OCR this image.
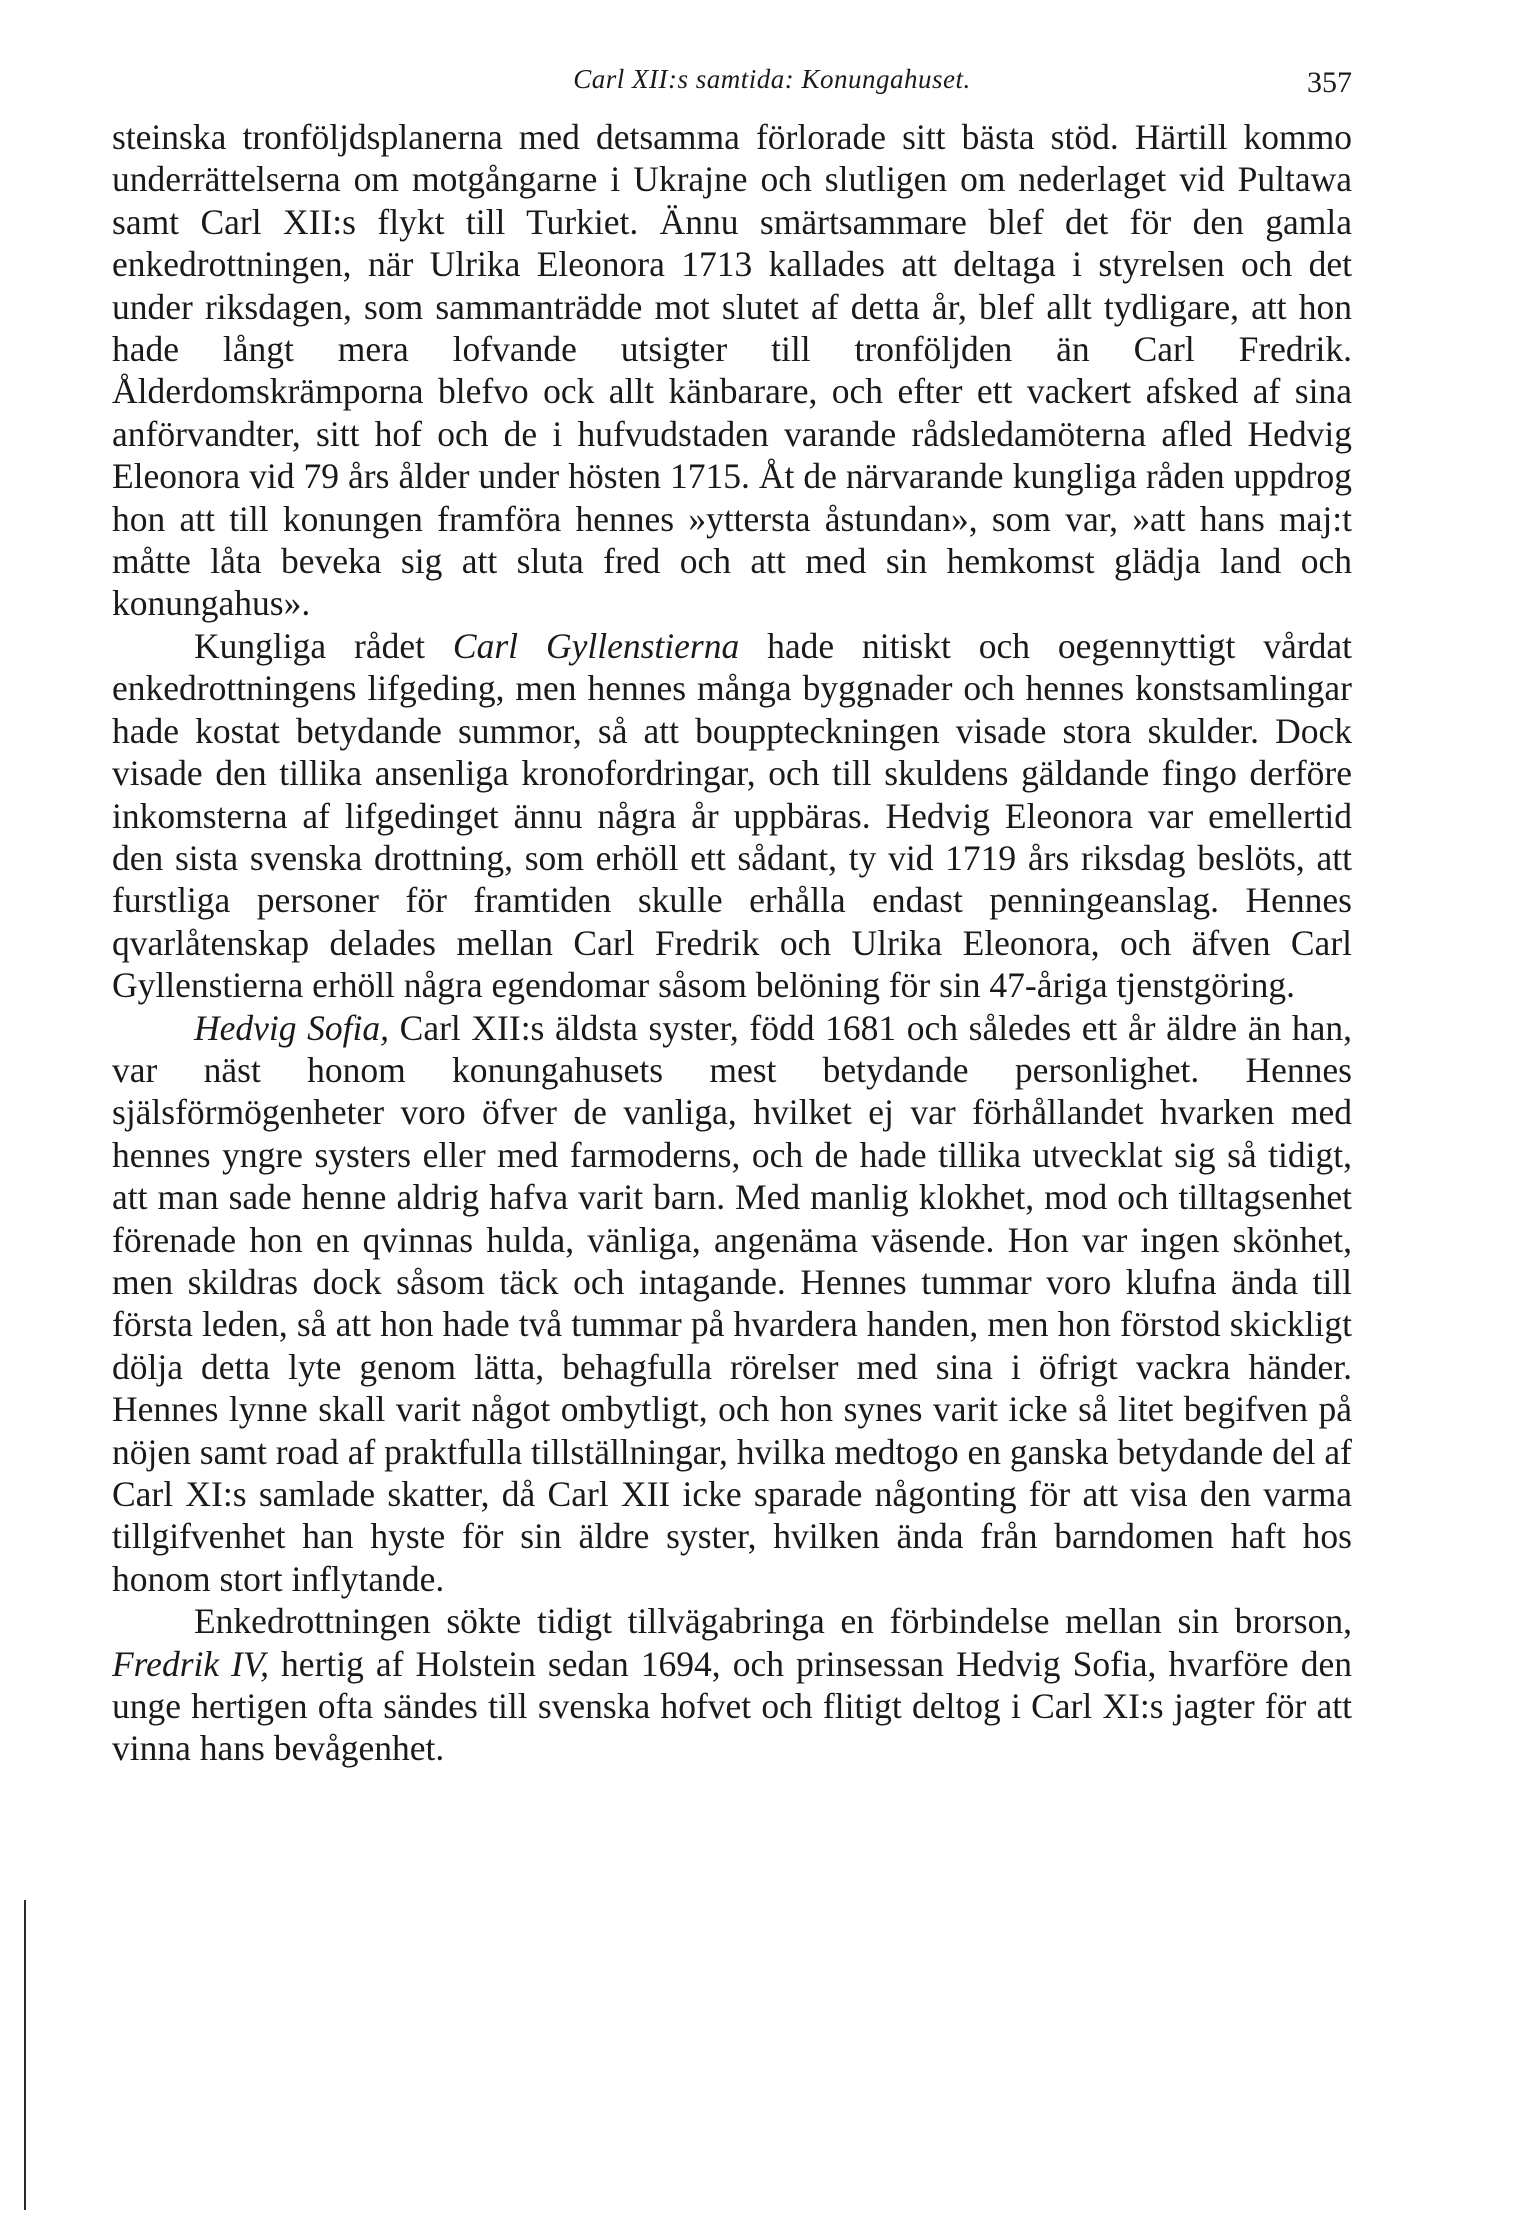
Carl XII:s samtida: Konungahuset.	357

steinska tronföljdsplanerna med detsamma förlorade sitt bästa stöd. Härtill kommo underrättelserna om motgångarne i Ukrajne och slutligen om nederlaget vid Pultawa samt Carl XII:s flykt till Turkiet. Ännu smärtsammare blef det för den gamla enkedrottningen, när Ulrika Eleonora 1713 kallades att deltaga i styrelsen och det under riksdagen, som sammanträdde mot slutet af detta år, blef allt tydligare, att hon hade långt mera lofvande utsigter till tronföljden än Carl Fredrik. Ålderdomskrämporna blefvo ock allt känbarare, och efter ett vackert afsked af sina anförvandter, sitt hof och de i hufvudstaden varande rådsledamöterna afled Hedvig Eleonora vid 79 års ålder under hösten 1715. Åt de närvarande kungliga råden uppdrog hon att till konungen framföra hennes »yttersta åstundan», som var, »att hans maj:t måtte låta beveka sig att sluta fred och att med sin hemkomst glädja land och konungahus».

Kungliga rådet Carl Gyllenstierna hade nitiskt och oegennyttigt vårdat enkedrottningens lifgeding, men hennes många byggnader och hennes konstsamlingar hade kostat betydande summor, så att bouppteckningen visade stora skulder. Dock visade den tillika ansenliga kronofordringar, och till skuldens gäldande fingo derföre inkomsterna af lifgedinget ännu några år uppbäras. Hedvig Eleonora var emellertid den sista svenska drottning, som erhöll ett sådant, ty vid 1719 års riksdag beslöts, att furstliga personer för framtiden skulle erhålla endast penningeanslag. Hennes qvarlåtenskap delades mellan Carl Fredrik och Ulrika Eleonora, och äfven Carl Gyllenstierna erhöll några egendomar såsom belöning för sin 47-åriga tjenstgöring.

Hedvig Sofia, Carl XII:s äldsta syster, född 1681 och således ett år äldre än han, var näst honom konungahusets mest betydande personlighet. Hennes själsförmögenheter voro öfver de vanliga, hvilket ej var förhållandet hvarken med hennes yngre systers eller med farmoderns, och de hade tillika utvecklat sig så tidigt, att man sade henne aldrig hafva varit barn. Med manlig klokhet, mod och tilltagsenhet förenade hon en qvinnas hulda, vänliga, angenäma väsende. Hon var ingen skönhet, men skildras dock såsom täck och intagande. Hennes tummar voro klufna ända till första leden, så att hon hade två tummar på hvardera handen, men hon förstod skickligt dölja detta lyte genom lätta, behagfulla rörelser med sina i öfrigt vackra händer. Hennes lynne skall varit något ombytligt, och hon synes varit icke så litet begifven på nöjen samt road af praktfulla tillställningar, hvilka medtogo en ganska betydande del af Carl XI:s samlade skatter, då Carl XII icke sparade någonting för att visa den varma tillgifvenhet han hyste för sin äldre syster, hvilken ända från barndomen haft hos honom stort inflytande.

Enkedrottningen sökte tidigt tillvägabringa en förbindelse mellan sin brorson, Fredrik IV, hertig af Holstein sedan 1694, och prinsessan Hedvig Sofia, hvarföre den unge hertigen ofta sändes till svenska hofvet och flitigt deltog i Carl XI:s jagter för att vinna hans bevågenhet.
